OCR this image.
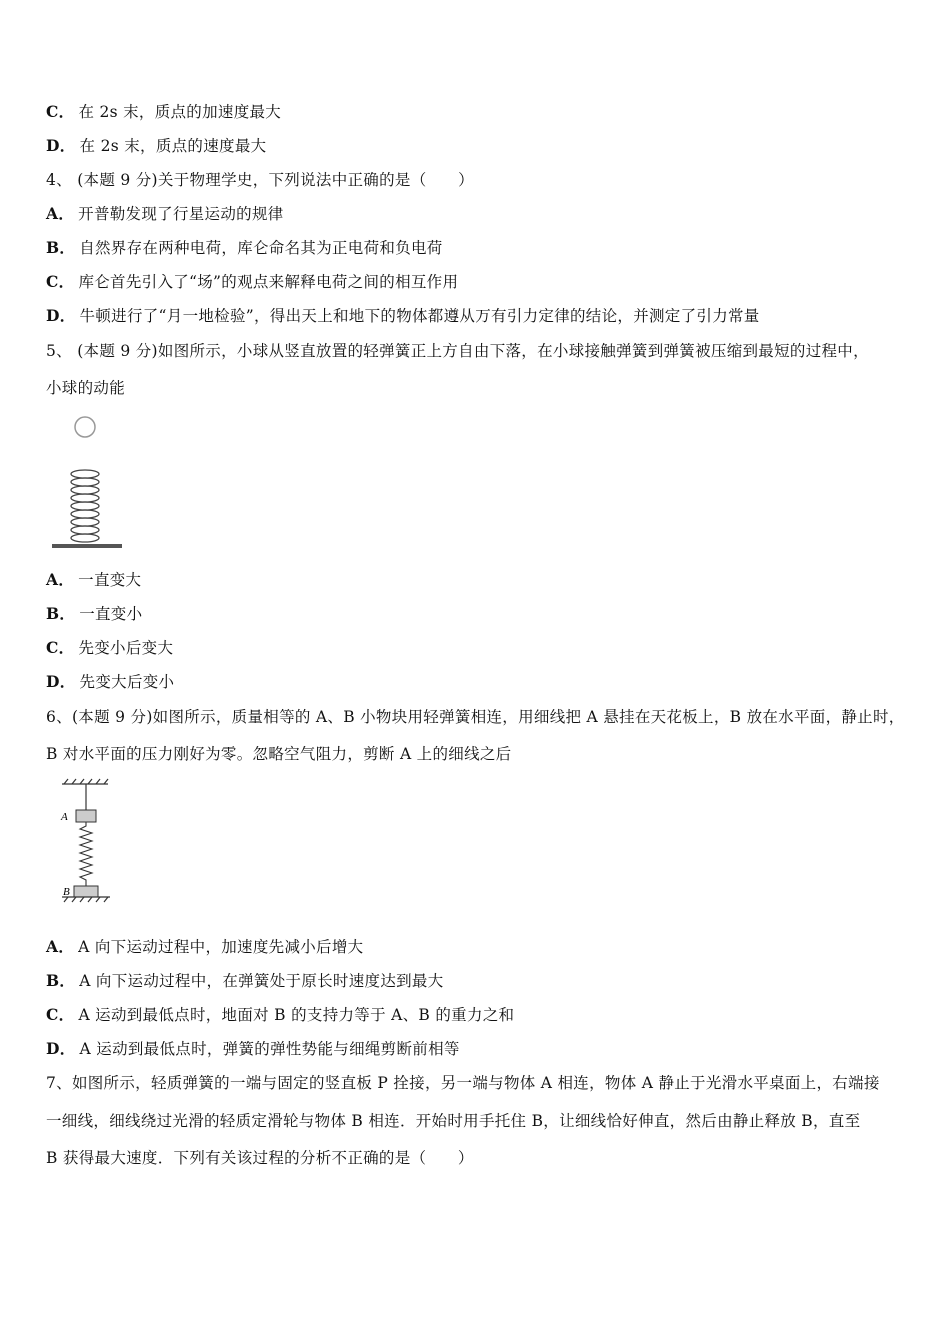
C． 在 2s 末，质点的加速度最大
D． 在 2s 末，质点的速度最大
4、 (本题 9 分)关于物理学史，下列说法中正确的是（　　）
A． 开普勒发现了行星运动的规律
B． 自然界存在两种电荷，库仑命名其为正电荷和负电荷
C． 库仑首先引入了“场”的观点来解释电荷之间的相互作用
D． 牛顿进行了“月一地检验”，得出天上和地下的物体都遵从万有引力定律的结论，并测定了引力常量
5、 (本题 9 分)如图所示，小球从竖直放置的轻弹簧正上方自由下落，在小球接触弹簧到弹簧被压缩到最短的过程中，
小球的动能
A． 一直变大
B． 一直变小
C． 先变小后变大
D． 先变大后变小
6、(本题 9 分)如图所示，质量相等的 A、B 小物块用轻弹簧相连，用细线把 A 悬挂在天花板上，B 放在水平面，静止时，
B 对水平面的压力刚好为零。忽略空气阻力，剪断 A 上的细线之后
A
B
A． A 向下运动过程中，加速度先减小后增大
B． A 向下运动过程中，在弹簧处于原长时速度达到最大
C． A 运动到最低点时，地面对 B 的支持力等于 A、B 的重力之和
D． A 运动到最低点时，弹簧的弹性势能与细绳剪断前相等
7、如图所示，轻质弹簧的一端与固定的竖直板 P 拴接，另一端与物体 A 相连，物体 A 静止于光滑水平桌面上，右端接
一细线，细线绕过光滑的轻质定滑轮与物体 B 相连．开始时用手托住 B，让细线恰好伸直，然后由静止释放 B，直至
B 获得最大速度．下列有关该过程的分析不正确的是（　　）
